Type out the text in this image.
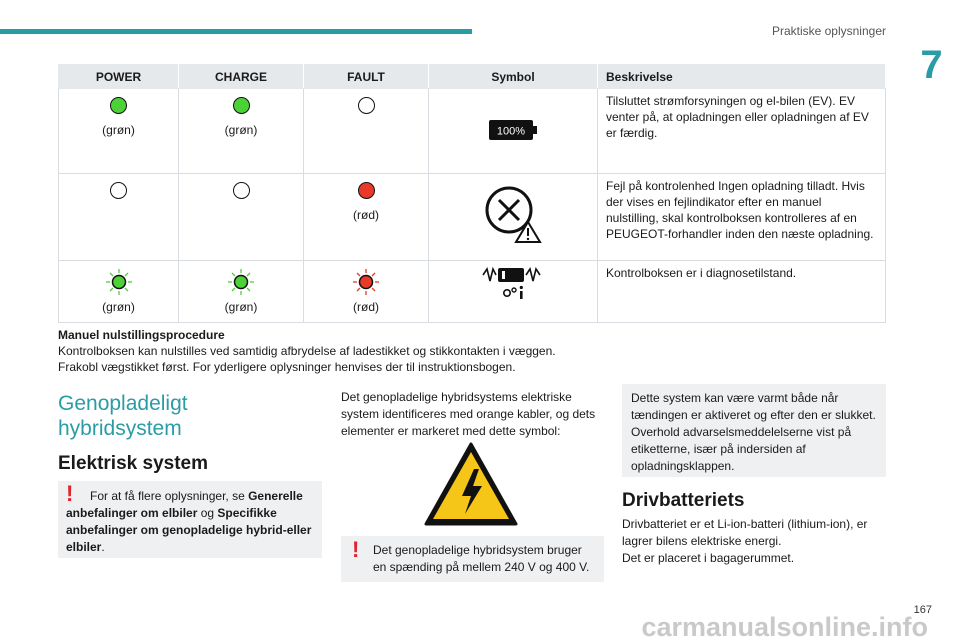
Praktiske oplysninger
7
POWER	CHARGE	FAULT	Symbol	Beskrivelse

(grøn)	(grøn)		100%	Tilsluttet strømforsyningen og el-bilen (EV). EV venter på, at opladningen eller opladningen af EV er færdig.

		(rød)		Fejl på kontrolenhed Ingen opladning tilladt. Hvis der vises en fejlindikator efter en manuel nulstilling, skal kontrolboksen kontrolleres af en PEUGEOT-forhandler inden den næste opladning.

(grøn)	(grøn)	(rød)		Kontrolboksen er i diagnosetilstand.
Manuel nulstillingsprocedure
Kontrolboksen kan nulstilles ved samtidig afbrydelse af ladestikket og stikkontakten i væggen.
Frakobl vægstikket først. For yderligere oplysninger henvises der til instruktionsbogen.
Genopladeligt hybridsystem
Elektrisk system
!	For at få flere oplysninger, se Generelle anbefalinger om elbiler og Specifikke anbefalinger om genopladelige hybrid-eller elbiler.
Det genopladelige hybridsystems elektriske system identificeres med orange kabler, og dets elementer er markeret med dette symbol:
! Det genopladelige hybridsystem bruger en spænding på mellem 240 V og 400 V.
Dette system kan være varmt både når tændingen er aktiveret og efter den er slukket. Overhold advarselsmeddelelserne vist på etiketterne, især på indersiden af opladningsklappen.
Drivbatteriets
Drivbatteriet er et Li-ion-batteri (lithium-ion), er lagrer bilens elektriske energi.
Det er placeret i bagagerummet.
167
carmanualsonline.info
